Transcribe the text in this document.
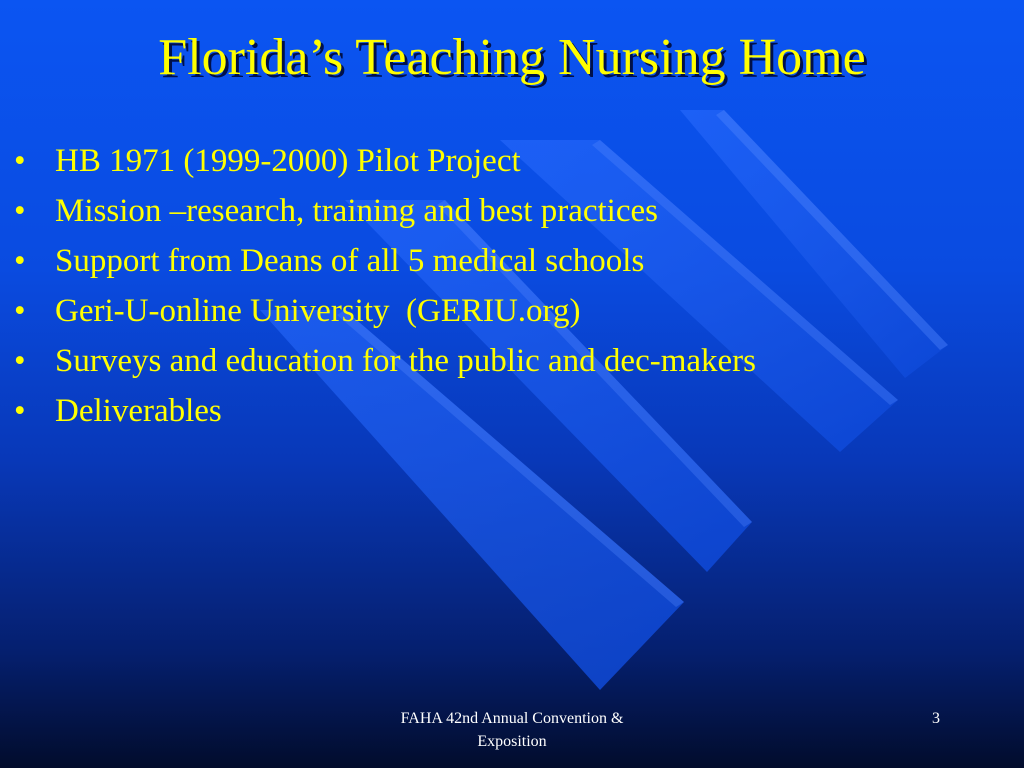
Florida’s Teaching Nursing Home
• HB 1971 (1999-2000) Pilot Project
• Mission –research, training and best practices
• Support from Deans of all 5 medical schools
• Geri-U-online University  (GERIU.org)
• Surveys and education for the public and dec-makers
• Deliverables
FAHA 42nd Annual Convention &
Exposition
3
